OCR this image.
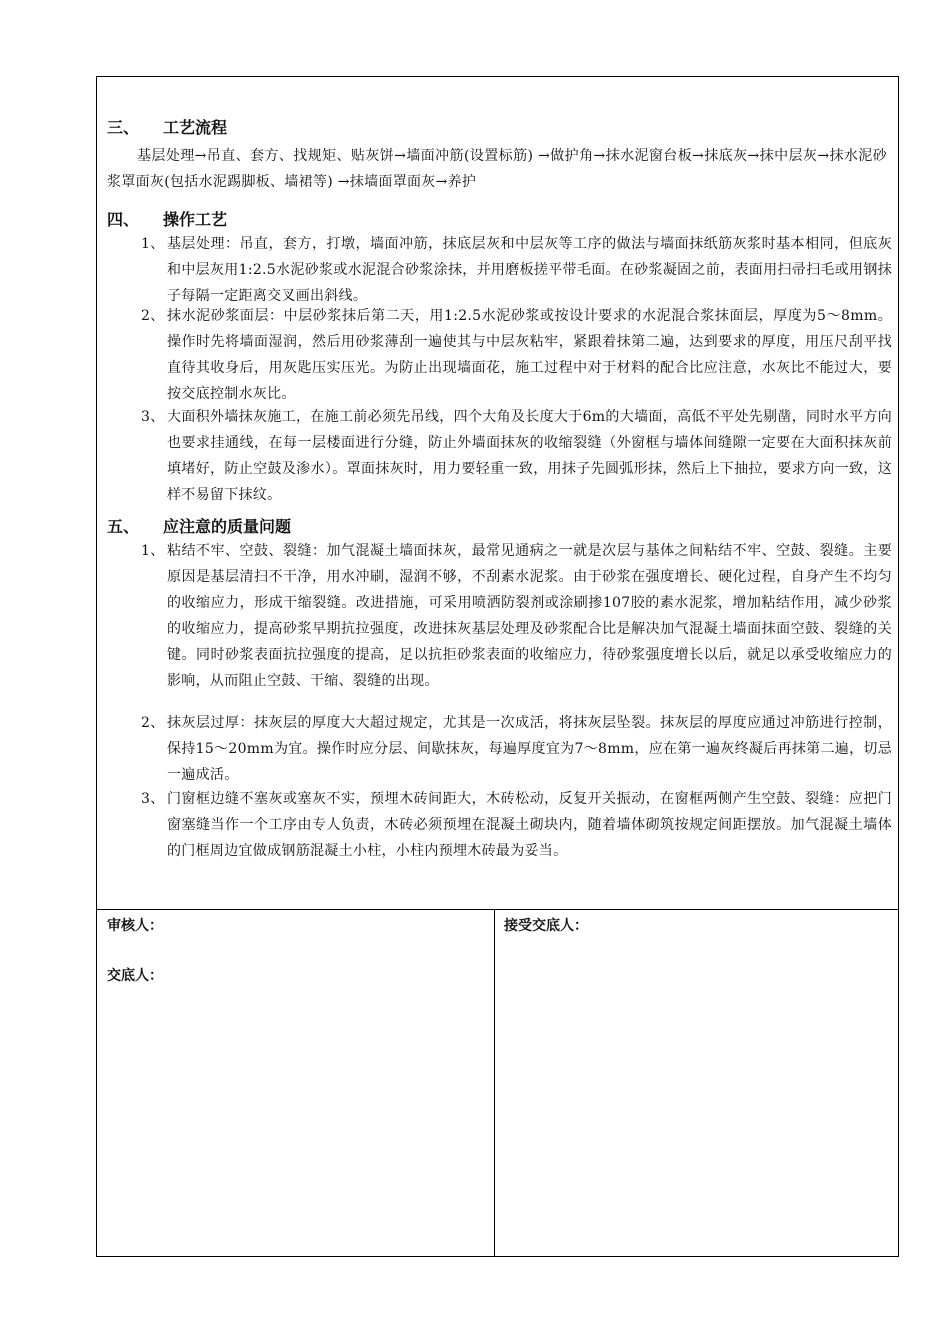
三、 工艺流程
基层处理→吊直、套方、找规矩、贴灰饼→墙面冲筋(设置标筋) →做护角→抹水泥窗台板→抹底灰→抹中层灰→抹水泥砂浆罩面灰(包括水泥踢脚板、墙裙等) →抹墙面罩面灰→养护
四、 操作工艺
1、 基层处理：吊直，套方，打墩，墙面冲筋，抹底层灰和中层灰等工序的做法与墙面抹纸筋灰浆时基本相同，但底灰和中层灰用1:2.5水泥砂浆或水泥混合砂浆涂抹，并用磨板搓平带毛面。在砂浆凝固之前，表面用扫帚扫毛或用钢抹子每隔一定距离交叉画出斜线。
2、 抹水泥砂浆面层：中层砂浆抹后第二天，用1:2.5水泥砂浆或按设计要求的水泥混合浆抹面层，厚度为5～8mm。操作时先将墙面湿润，然后用砂浆薄刮一遍使其与中层灰粘牢，紧跟着抹第二遍，达到要求的厚度，用压尺刮平找直待其收身后，用灰匙压实压光。为防止出现墙面花，施工过程中对于材料的配合比应注意，水灰比不能过大，要按交底控制水灰比。
3、 大面积外墙抹灰施工，在施工前必须先吊线，四个大角及长度大于6m的大墙面，高低不平处先剔凿，同时水平方向也要求挂通线，在每一层楼面进行分缝，防止外墙面抹灰的收缩裂缝（外窗框与墙体间缝隙一定要在大面积抹灰前填堵好，防止空鼓及渗水）。罩面抹灰时，用力要轻重一致，用抹子先圆弧形抹，然后上下抽拉，要求方向一致，这样不易留下抹纹。
五、 应注意的质量问题
1、 粘结不牢、空鼓、裂缝：加气混凝土墙面抹灰，最常见通病之一就是次层与基体之间粘结不牢、空鼓、裂缝。主要原因是基层清扫不干净，用水冲刷，湿润不够，不刮素水泥浆。由于砂浆在强度增长、硬化过程，自身产生不均匀的收缩应力，形成干缩裂缝。改进措施，可采用喷洒防裂剂或涂刷掺107胶的素水泥浆，增加粘结作用，减少砂浆的收缩应力，提高砂浆早期抗拉强度，改进抹灰基层处理及砂浆配合比是解决加气混凝土墙面抹面空鼓、裂缝的关键。同时砂浆表面抗拉强度的提高，足以抗拒砂浆表面的收缩应力，待砂浆强度增长以后，就足以承受收缩应力的影响，从而阻止空鼓、干缩、裂缝的出现。
2、 抹灰层过厚：抹灰层的厚度大大超过规定，尤其是一次成活，将抹灰层坠裂。抹灰层的厚度应通过冲筋进行控制，保持15～20mm为宜。操作时应分层、间歇抹灰，每遍厚度宜为7～8mm，应在第一遍灰终凝后再抹第二遍，切忌一遍成活。
3、 门窗框边缝不塞灰或塞灰不实，预埋木砖间距大，木砖松动，反复开关振动，在窗框两侧产生空鼓、裂缝：应把门窗塞缝当作一个工序由专人负责，木砖必须预埋在混凝土砌块内，随着墙体砌筑按规定间距摆放。加气混凝土墙体的门框周边宜做成钢筋混凝土小柱，小柱内预埋木砖最为妥当。
审核人：
交底人：
接受交底人：
